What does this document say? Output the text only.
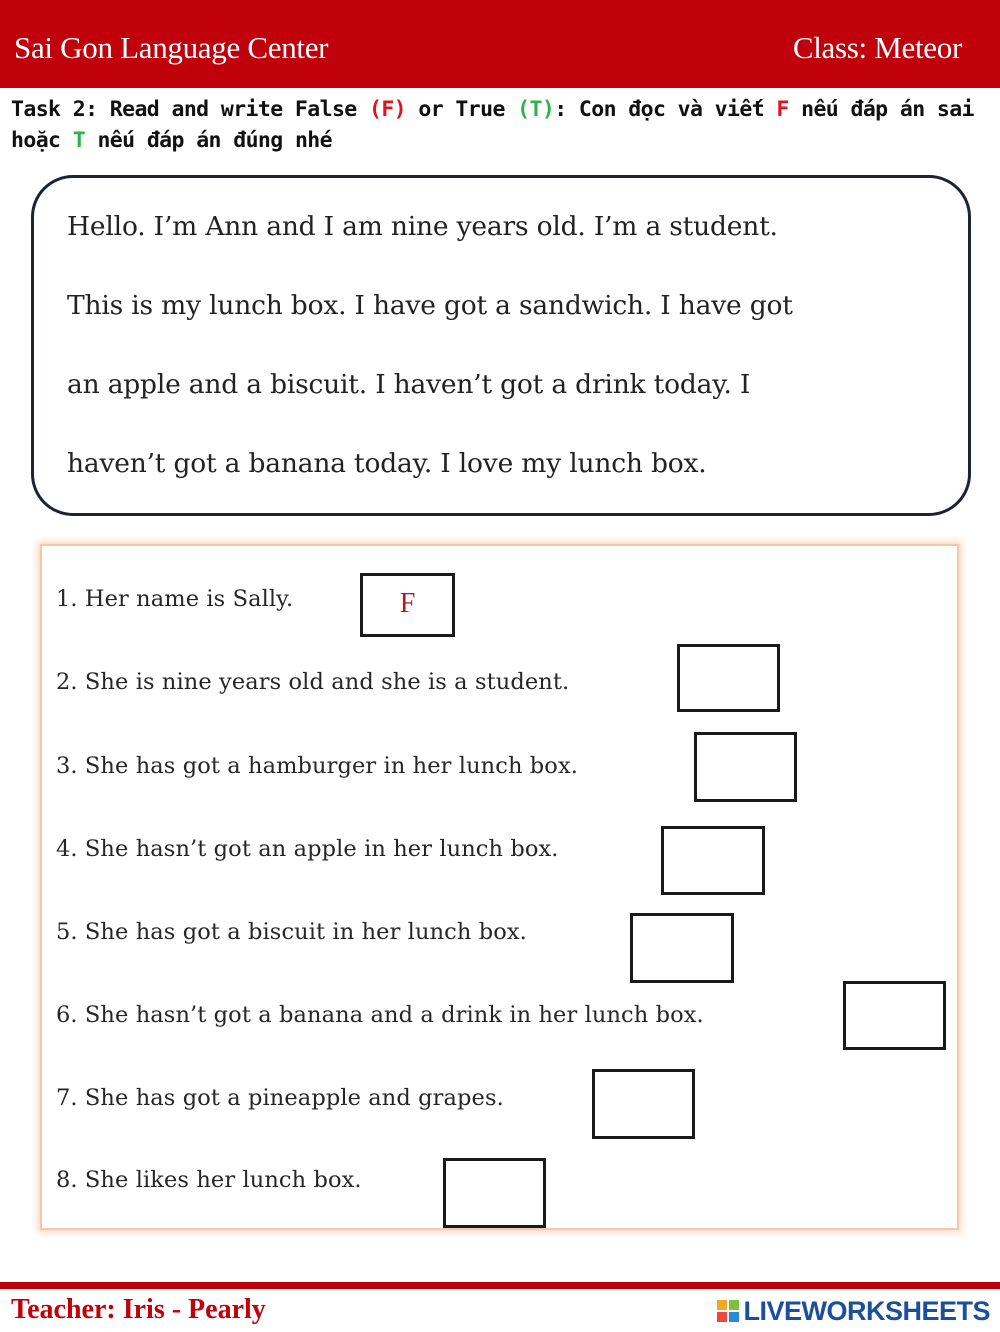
Sai Gon Language Center	Class: Meteor
Task 2: Read and write False (F) or True (T): Con đọc và viết F nếu đáp án sai hoặc T nếu đáp án đúng nhé
Hello. I’m Ann and I am nine years old. I’m a student.
This is my lunch box. I have got a sandwich. I have got
an apple and a biscuit. I haven’t got a drink today. I
haven’t got a banana today. I love my lunch box.
1. Her name is Sally.	F
2. She is nine years old and she is a student.
3. She has got a hamburger in her lunch box.
4. She hasn’t got an apple in her lunch box.
5. She has got a biscuit in her lunch box.
6. She hasn’t got a banana and a drink in her lunch box.
7. She has got a pineapple and grapes.
8. She likes her lunch box.
Teacher: Iris - Pearly	LIVEWORKSHEETS
